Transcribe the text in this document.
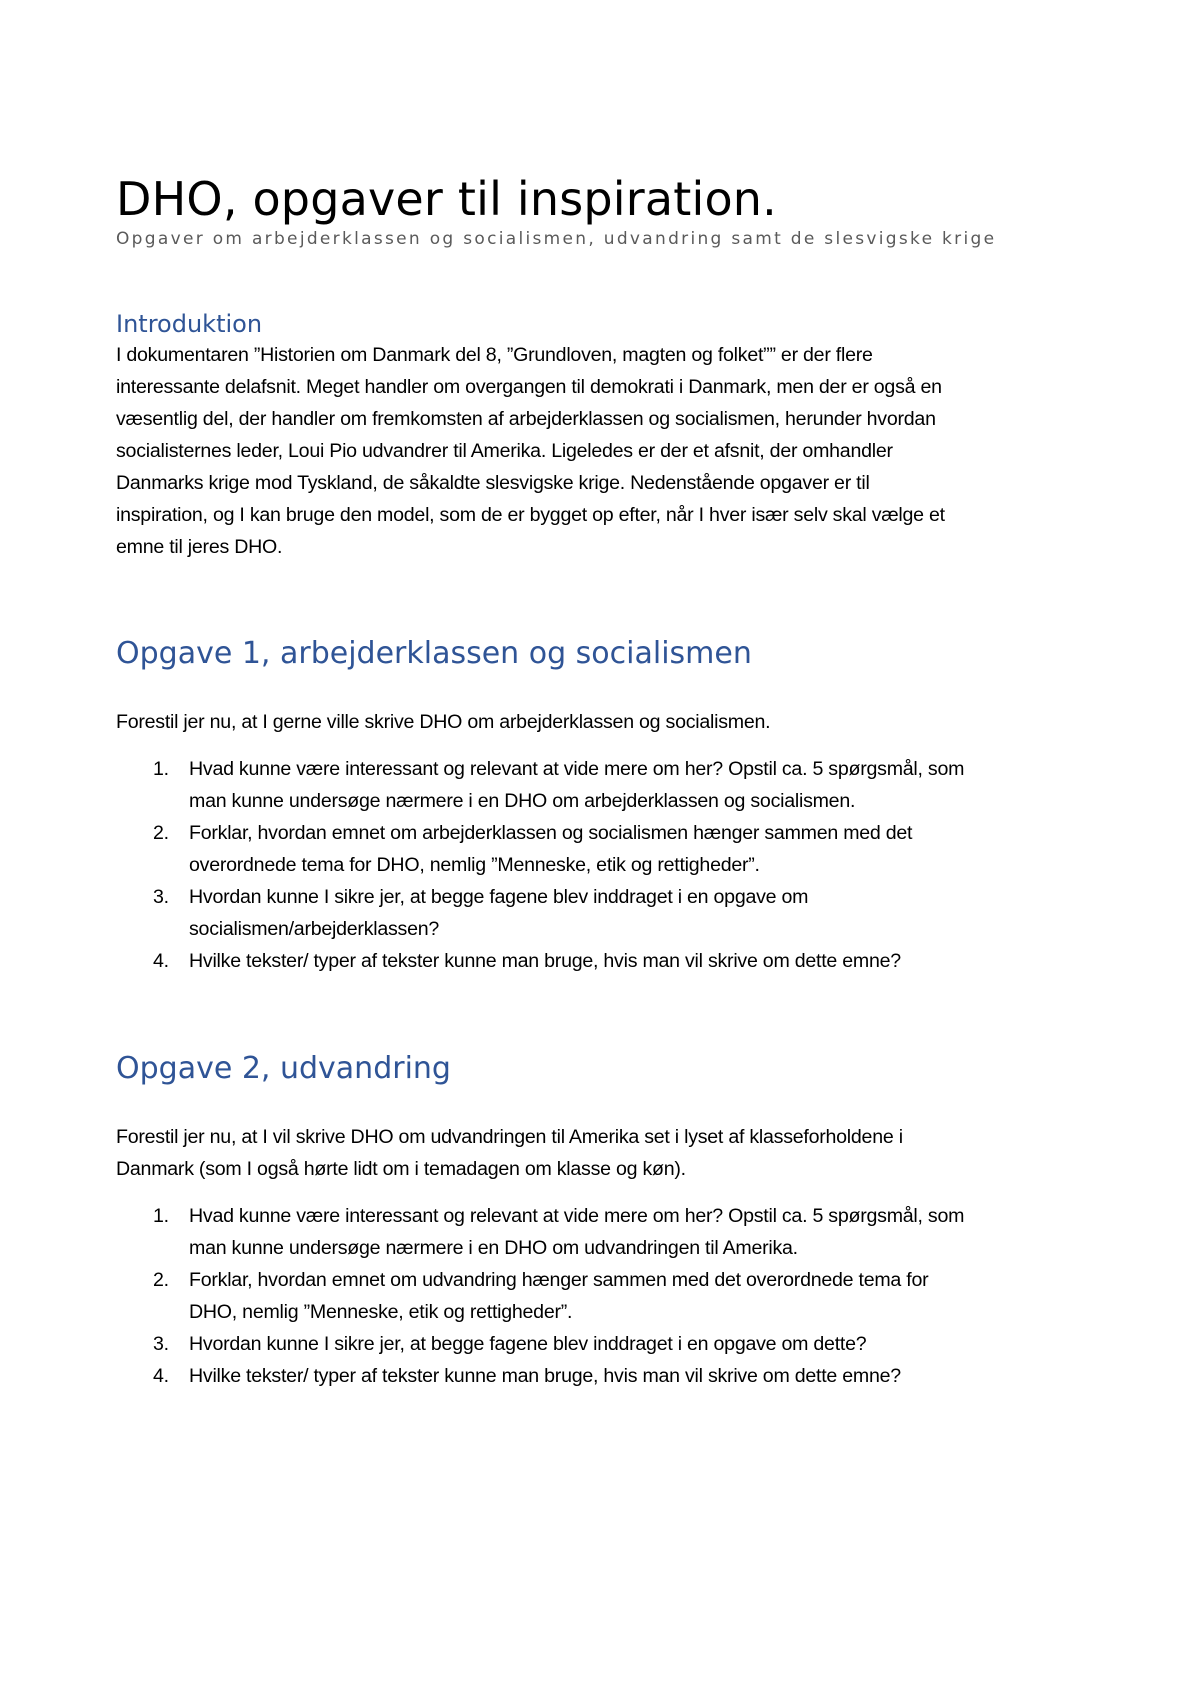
DHO, opgaver til inspiration.

Opgaver om arbejderklassen og socialismen, udvandring samt de slesvigske krige

Introduktion

I dokumentaren ”Historien om Danmark del 8, ”Grundloven, magten og folket”” er der flere

interessante delafsnit. Meget handler om overgangen til demokrati i Danmark, men der er også en

væsentlig del, der handler om fremkomsten af arbejderklassen og socialismen, herunder hvordan

socialisternes leder, Loui Pio udvandrer til Amerika. Ligeledes er der et afsnit, der omhandler

Danmarks krige mod Tyskland, de såkaldte slesvigske krige. Nedenstående opgaver er til

inspiration, og I kan bruge den model, som de er bygget op efter, når I hver især selv skal vælge et

emne til jeres DHO.

Opgave 1, arbejderklassen og socialismen

Forestil jer nu, at I gerne ville skrive DHO om arbejderklassen og socialismen.

1. Hvad kunne være interessant og relevant at vide mere om her? Opstil ca. 5 spørgsmål, som
man kunne undersøge nærmere i en DHO om arbejderklassen og socialismen.
2. Forklar, hvordan emnet om arbejderklassen og socialismen hænger sammen med det
overordnede tema for DHO, nemlig ”Menneske, etik og rettigheder”.
3. Hvordan kunne I sikre jer, at begge fagene blev inddraget i en opgave om
socialismen/arbejderklassen?
4. Hvilke tekster/ typer af tekster kunne man bruge, hvis man vil skrive om dette emne?
Opgave 2, udvandring

Forestil jer nu, at I vil skrive DHO om udvandringen til Amerika set i lyset af klasseforholdene i

Danmark (som I også hørte lidt om i temadagen om klasse og køn).

1. Hvad kunne være interessant og relevant at vide mere om her? Opstil ca. 5 spørgsmål, som
man kunne undersøge nærmere i en DHO om udvandringen til Amerika.
2. Forklar, hvordan emnet om udvandring hænger sammen med det overordnede tema for
DHO, nemlig ”Menneske, etik og rettigheder”.
3. Hvordan kunne I sikre jer, at begge fagene blev inddraget i en opgave om dette?
4. Hvilke tekster/ typer af tekster kunne man bruge, hvis man vil skrive om dette emne?
